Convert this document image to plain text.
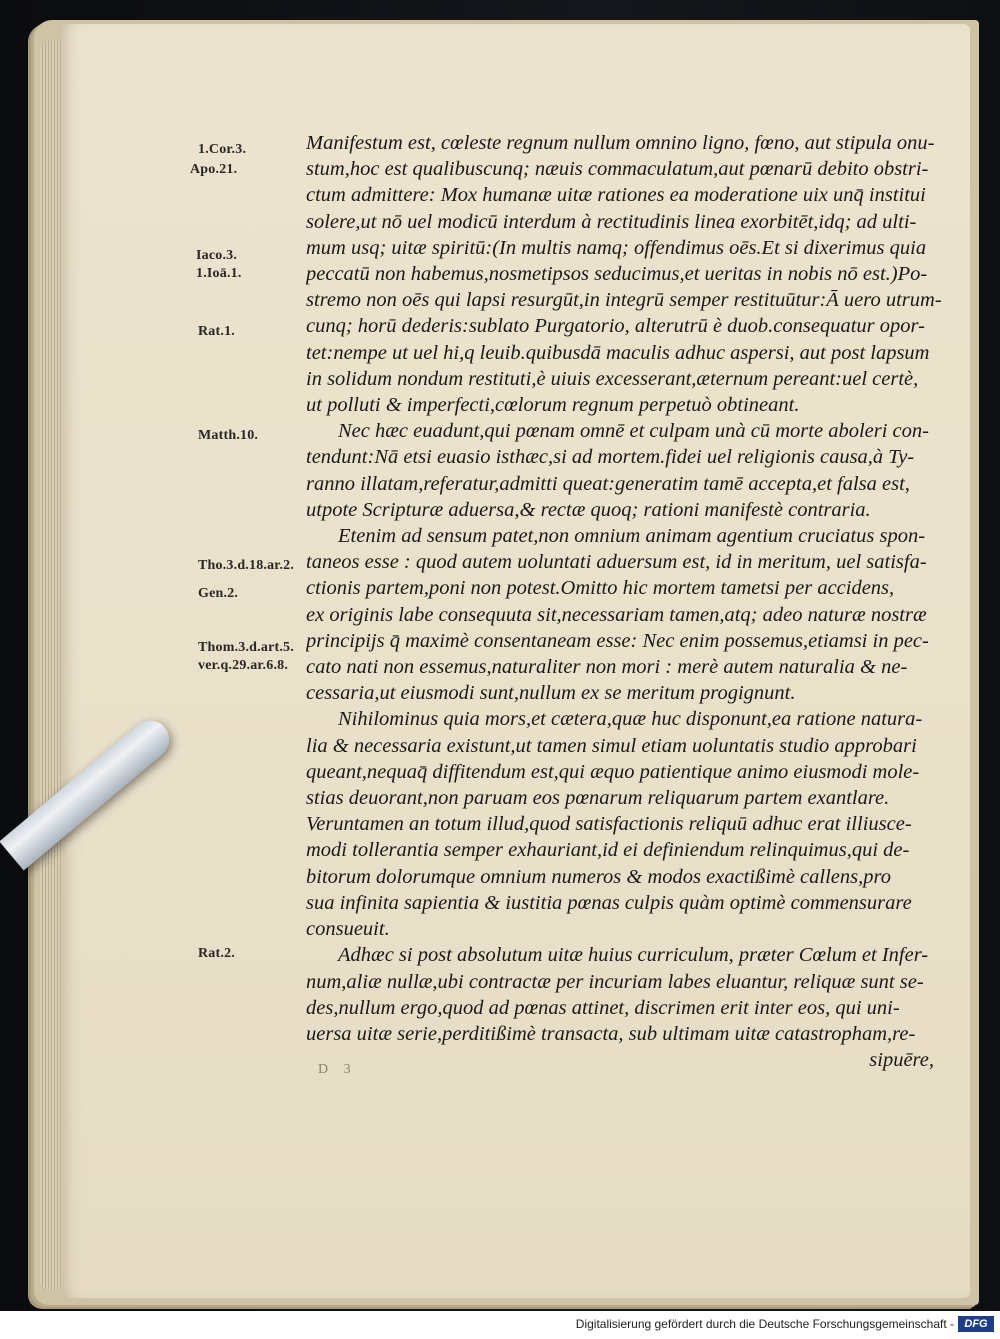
1.Cor.3.
Apo.21.
Iaco.3.
1.Ioā.1.
Rat.1.
Matth.10.
Tho.3.d.18.ar.2.
Gen.2.
Thom.3.d.art.5.
ver.q.29.ar.6.8.
Rat.2.
Manifestum est, cœleste regnum nullum omnino ligno, fœno, aut stipula onu-
stum,hoc est qualibuscunq; næuis commaculatum,aut pœnarū debito obstri-
ctum admittere: Mox humanæ uitæ rationes ea moderatione uix unq̄ institui
solere,ut nō uel modicū interdum à rectitudinis linea exorbitēt,idq; ad ulti-
mum usq; uitæ spiritū:(In multis namq; offendimus oēs.Et si dixerimus quia
peccatū non habemus,nosmetipsos seducimus,et ueritas in nobis nō est.)Po-
stremo non oēs qui lapsi resurgūt,in integrū semper restituūtur:Ā uero utrum-
cunq; horū dederis:sublato Purgatorio, alterutrū è duob.consequatur opor-
tet:nempe ut uel hi,q leuib.quibusdā maculis adhuc aspersi, aut post lapsum
in solidum nondum restituti,è uiuis excesserant,æternum pereant:uel certè,
ut polluti & imperfecti,cœlorum regnum perpetuò obtineant.
Nec hæc euadunt,qui pœnam omnē et culpam unà cū morte aboleri con-
tendunt:Nā etsi euasio isthæc,si ad mortem.fidei uel religionis causa,à Ty-
ranno illatam,referatur,admitti queat:generatim tamē accepta,et falsa est,
utpote Scripturæ aduersa,& rectæ quoq; rationi manifestè contraria.
Etenim ad sensum patet,non omnium animam agentium cruciatus spon-
taneos esse : quod autem uoluntati aduersum est, id in meritum, uel satisfa-
ctionis partem,poni non potest.Omitto hic mortem tametsi per accidens,
ex originis labe consequuta sit,necessariam tamen,atq; adeo naturæ nostræ
principijs q̄ maximè consentaneam esse: Nec enim possemus,etiamsi in pec-
cato nati non essemus,naturaliter non mori : merè autem naturalia & ne-
cessaria,ut eiusmodi sunt,nullum ex se meritum progignunt.
Nihilominus quia mors,et cætera,quæ huc disponunt,ea ratione natura-
lia & necessaria existunt,ut tamen simul etiam uoluntatis studio approbari
queant,nequaq̄ diffitendum est,qui æquo patientique animo eiusmodi mole-
stias deuorant,non paruam eos pœnarum reliquarum partem exantlare.
Veruntamen an totum illud,quod satisfactionis reliquū adhuc erat illiusce-
modi tollerantia semper exhauriant,id ei definiendum relinquimus,qui de-
bitorum dolorumque omnium numeros & modos exactißimè callens,pro
sua infinita sapientia & iustitia pœnas culpis quàm optimè commensurare
consueuit.
Adhæc si post absolutum uitæ huius curriculum, præter Cœlum et Infer-
num,aliæ nullæ,ubi contractæ per incuriam labes eluantur, reliquæ sunt se-
des,nullum ergo,quod ad pœnas attinet, discrimen erit inter eos, qui uni-
uersa uitæ serie,perditißimè transacta, sub ultimam uitæ catastropham,re-
sipuēre,
D 3
Digitalisierung gefördert durch die Deutsche Forschungsgemeinschaft - DFG
